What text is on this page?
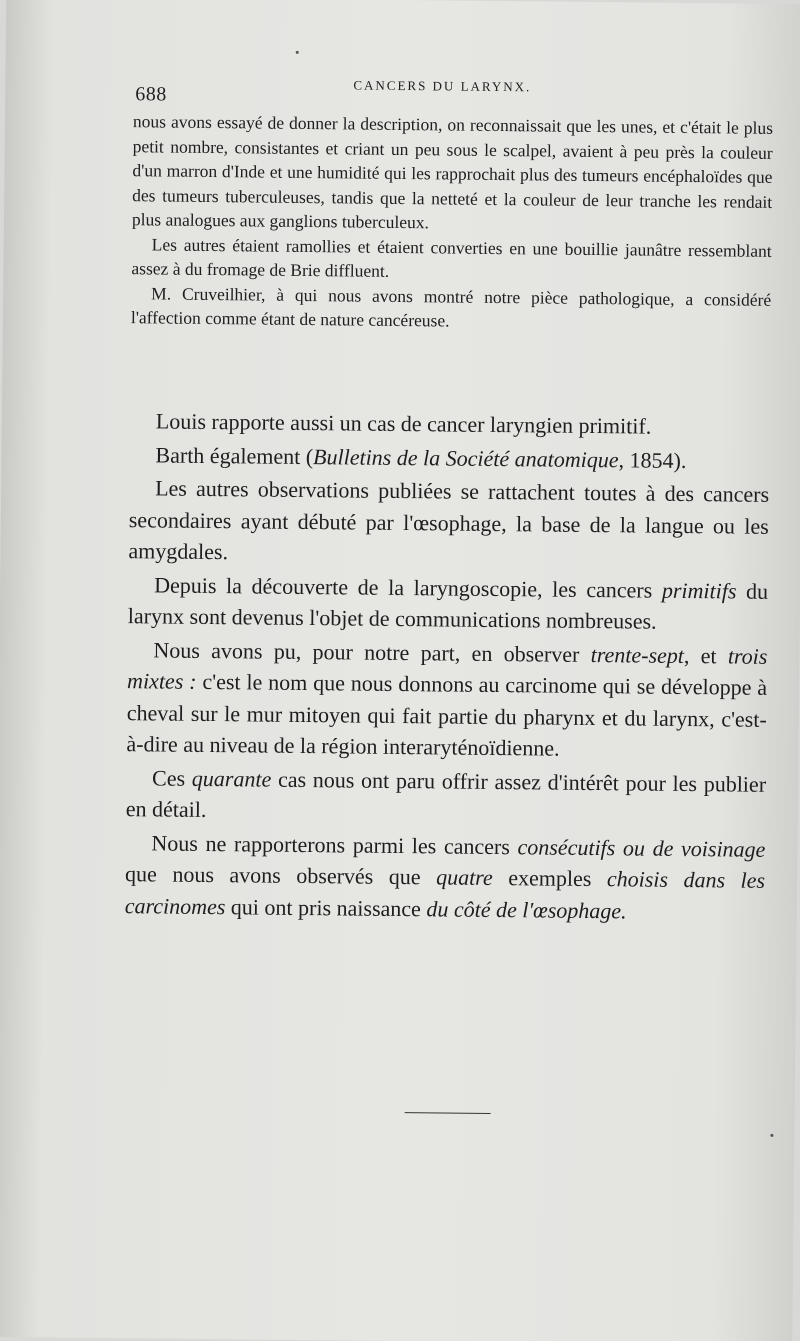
688	CANCERS DU LARYNX.

nous avons essayé de donner la description, on reconnaissait que les unes, et c'était le plus petit nombre, consistantes et criant un peu sous le scalpel, avaient à peu près la couleur d'un marron d'Inde et une humidité qui les rapprochait plus des tumeurs encéphaloïdes que des tumeurs tuberculeuses, tandis que la netteté et la couleur de leur tranche les rendait plus analogues aux ganglions tuberculeux.

Les autres étaient ramollies et étaient converties en une bouillie jaunâtre ressemblant assez à du fromage de Brie diffluent.

M. Cruveilhier, à qui nous avons montré notre pièce pathologique, a considéré l'affection comme étant de nature cancéreuse.

Louis rapporte aussi un cas de cancer laryngien primitif.

Barth également (Bulletins de la Société anatomique, 1854).

Les autres observations publiées se rattachent toutes à des cancers secondaires ayant débuté par l'œsophage, la base de la langue ou les amygdales.

Depuis la découverte de la laryngoscopie, les cancers primitifs du larynx sont devenus l'objet de communications nombreuses.

Nous avons pu, pour notre part, en observer trente-sept, et trois mixtes : c'est le nom que nous donnons au carcinome qui se développe à cheval sur le mur mitoyen qui fait partie du pharynx et du larynx, c'est-à-dire au niveau de la région interaryténoïdienne.

Ces quarante cas nous ont paru offrir assez d'intérêt pour les publier en détail.

Nous ne rapporterons parmi les cancers consécutifs ou de voisinage que nous avons observés que quatre exemples choisis dans les carcinomes qui ont pris naissance du côté de l'œsophage.
